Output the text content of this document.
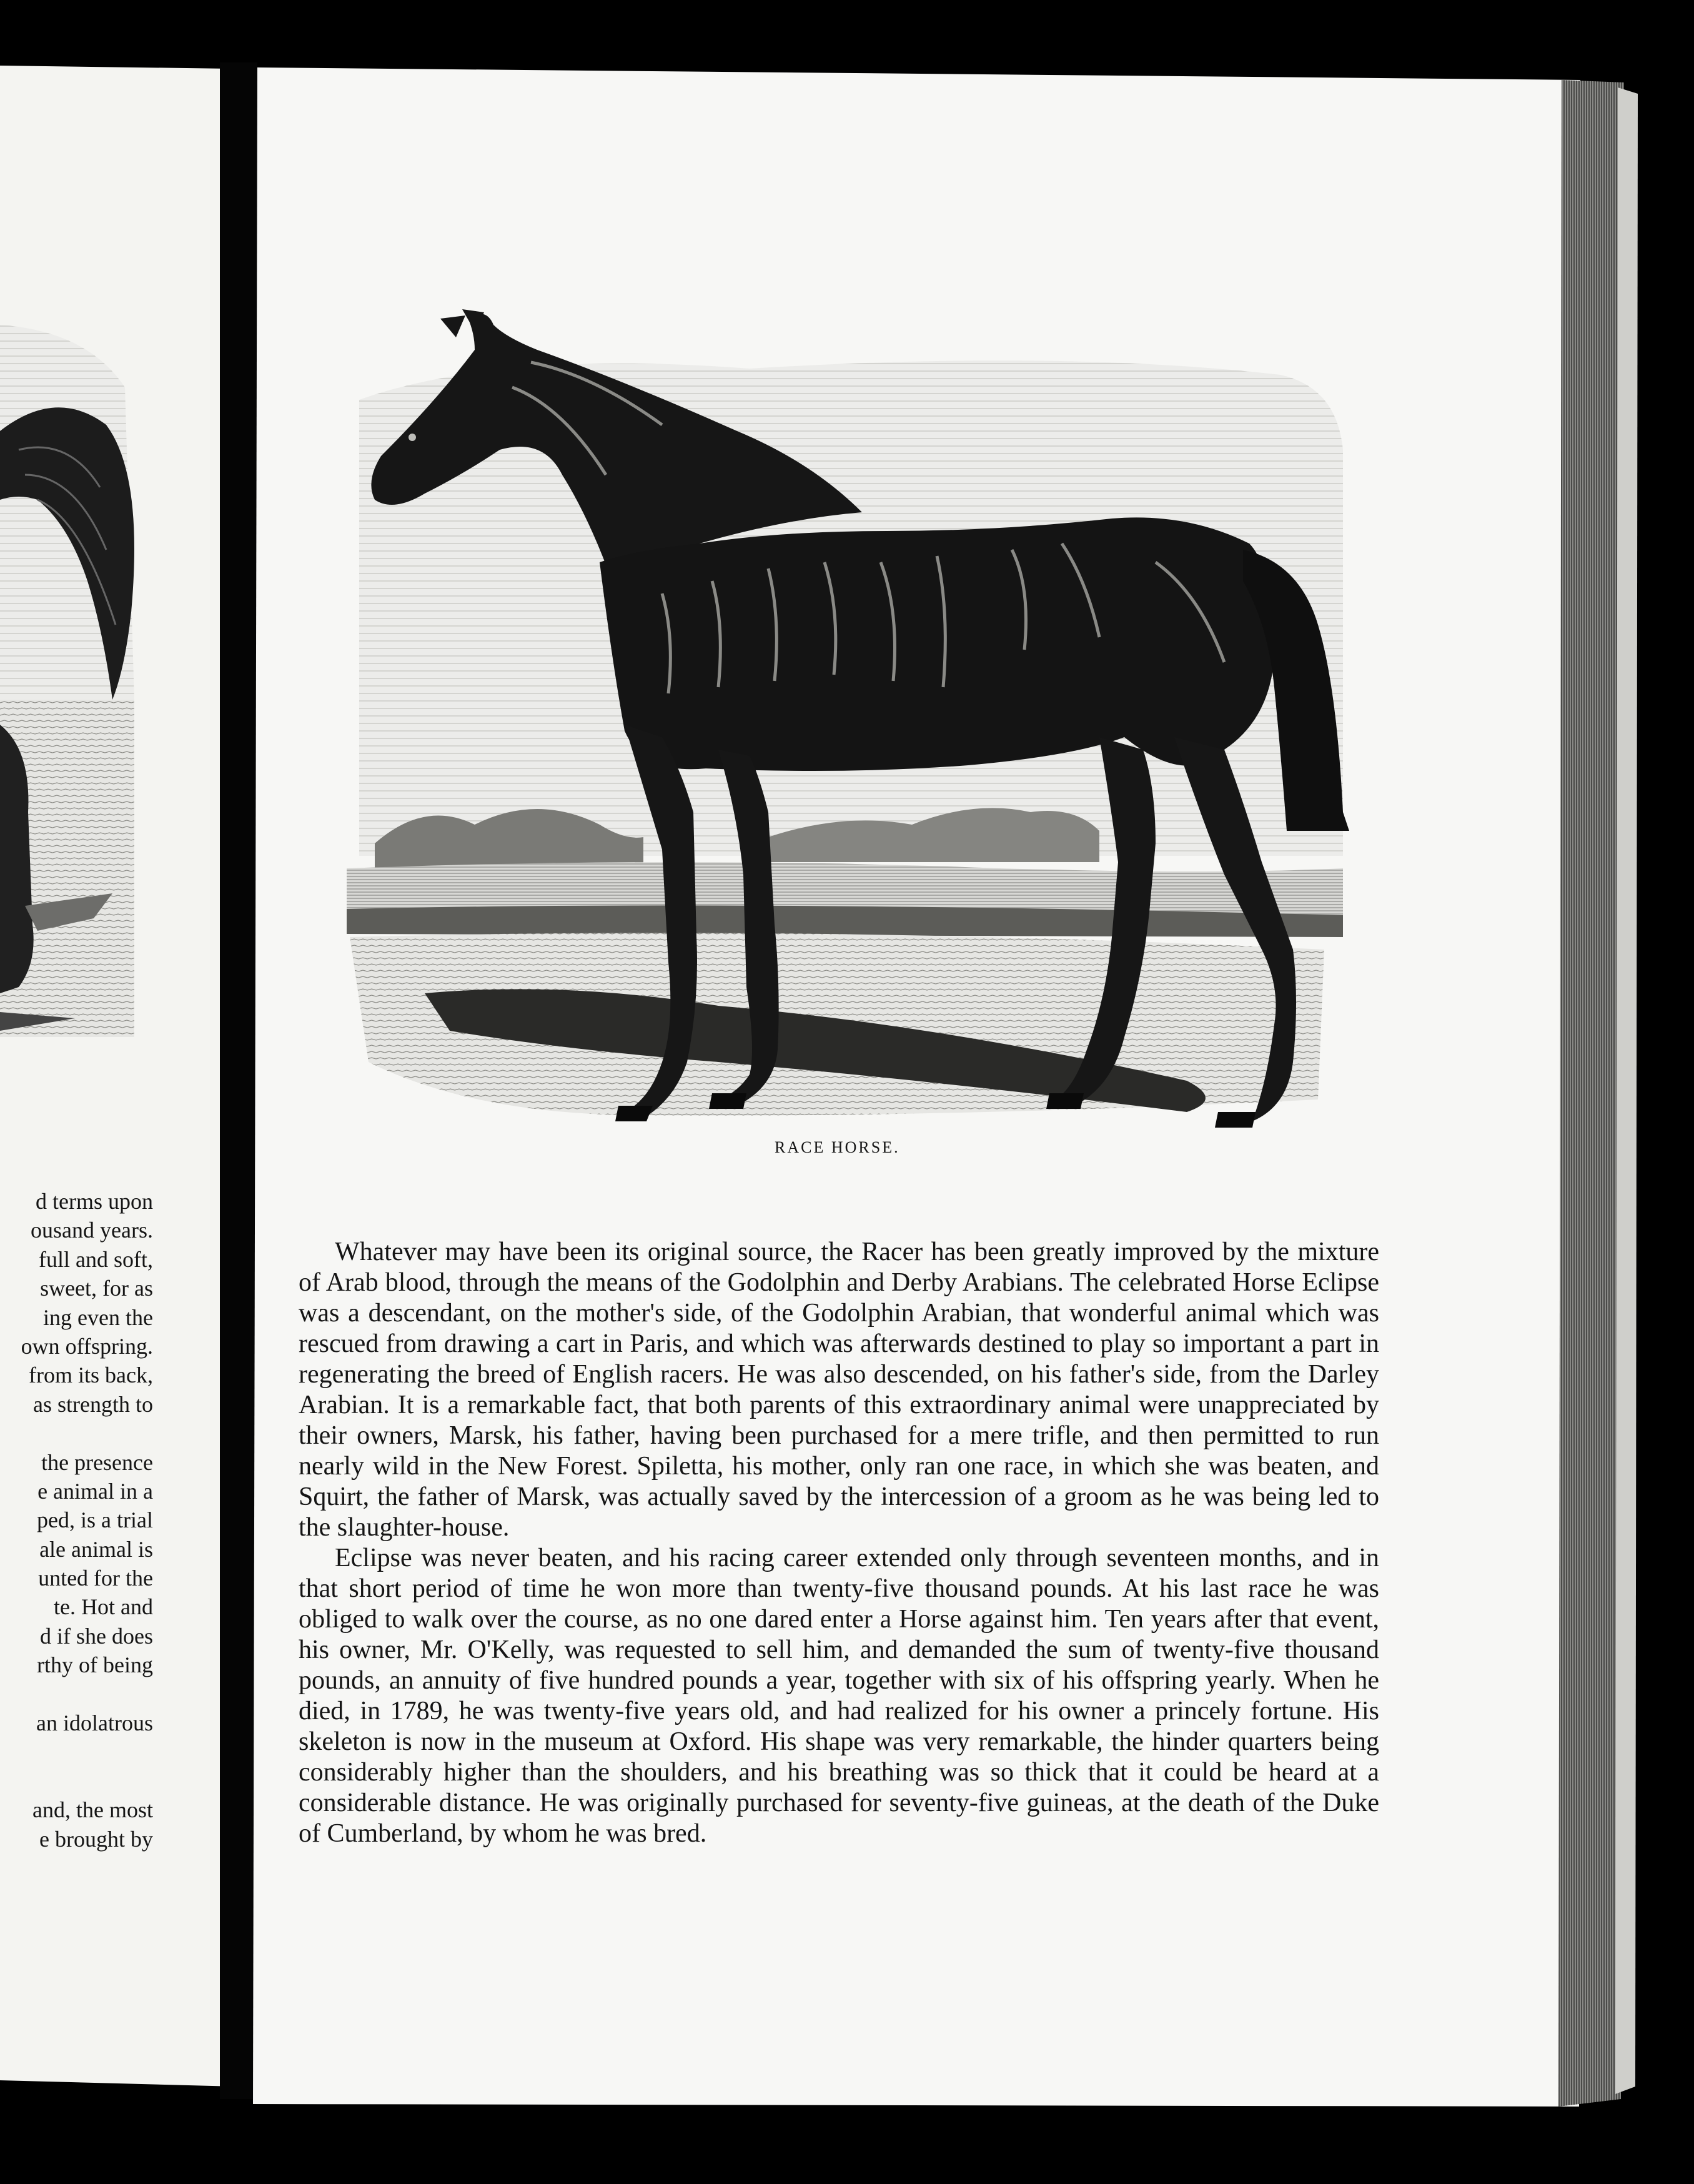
d terms upon
ousand years.
full and soft,
sweet, for as
ing even the
own offspring.
from its back,
as strength to
the presence
e animal in a
ped, is a trial
ale animal is
unted for the
te. Hot and
d if she does
rthy of being
an idolatrous
and, the most
e brought by
RACE HORSE.

Whatever may have been its original source, the Racer has been greatly improved by the mixture of Arab blood, through the means of the Godolphin and Derby Arabians. The celebrated Horse Eclipse was a descendant, on the mother's side, of the Godolphin Arabian, that wonderful animal which was rescued from drawing a cart in Paris, and which was afterwards destined to play so important a part in regenerating the breed of English racers. He was also descended, on his father's side, from the Darley Arabian. It is a remarkable fact, that both parents of this extraordinary animal were unappreciated by their owners, Marsk, his father, having been purchased for a mere trifle, and then permitted to run nearly wild in the New Forest. Spiletta, his mother, only ran one race, in which she was beaten, and Squirt, the father of Marsk, was actually saved by the intercession of a groom as he was being led to the slaughter-house.

Eclipse was never beaten, and his racing career extended only through seventeen months, and in that short period of time he won more than twenty-five thousand pounds. At his last race he was obliged to walk over the course, as no one dared enter a Horse against him. Ten years after that event, his owner, Mr. O'Kelly, was requested to sell him, and demanded the sum of twenty-five thousand pounds, an annuity of five hundred pounds a year, together with six of his offspring yearly. When he died, in 1789, he was twenty-five years old, and had realized for his owner a princely fortune. His skeleton is now in the museum at Oxford. His shape was very remarkable, the hinder quarters being considerably higher than the shoulders, and his breathing was so thick that it could be heard at a considerable distance. He was originally purchased for seventy-five guineas, at the death of the Duke of Cumberland, by whom he was bred.
